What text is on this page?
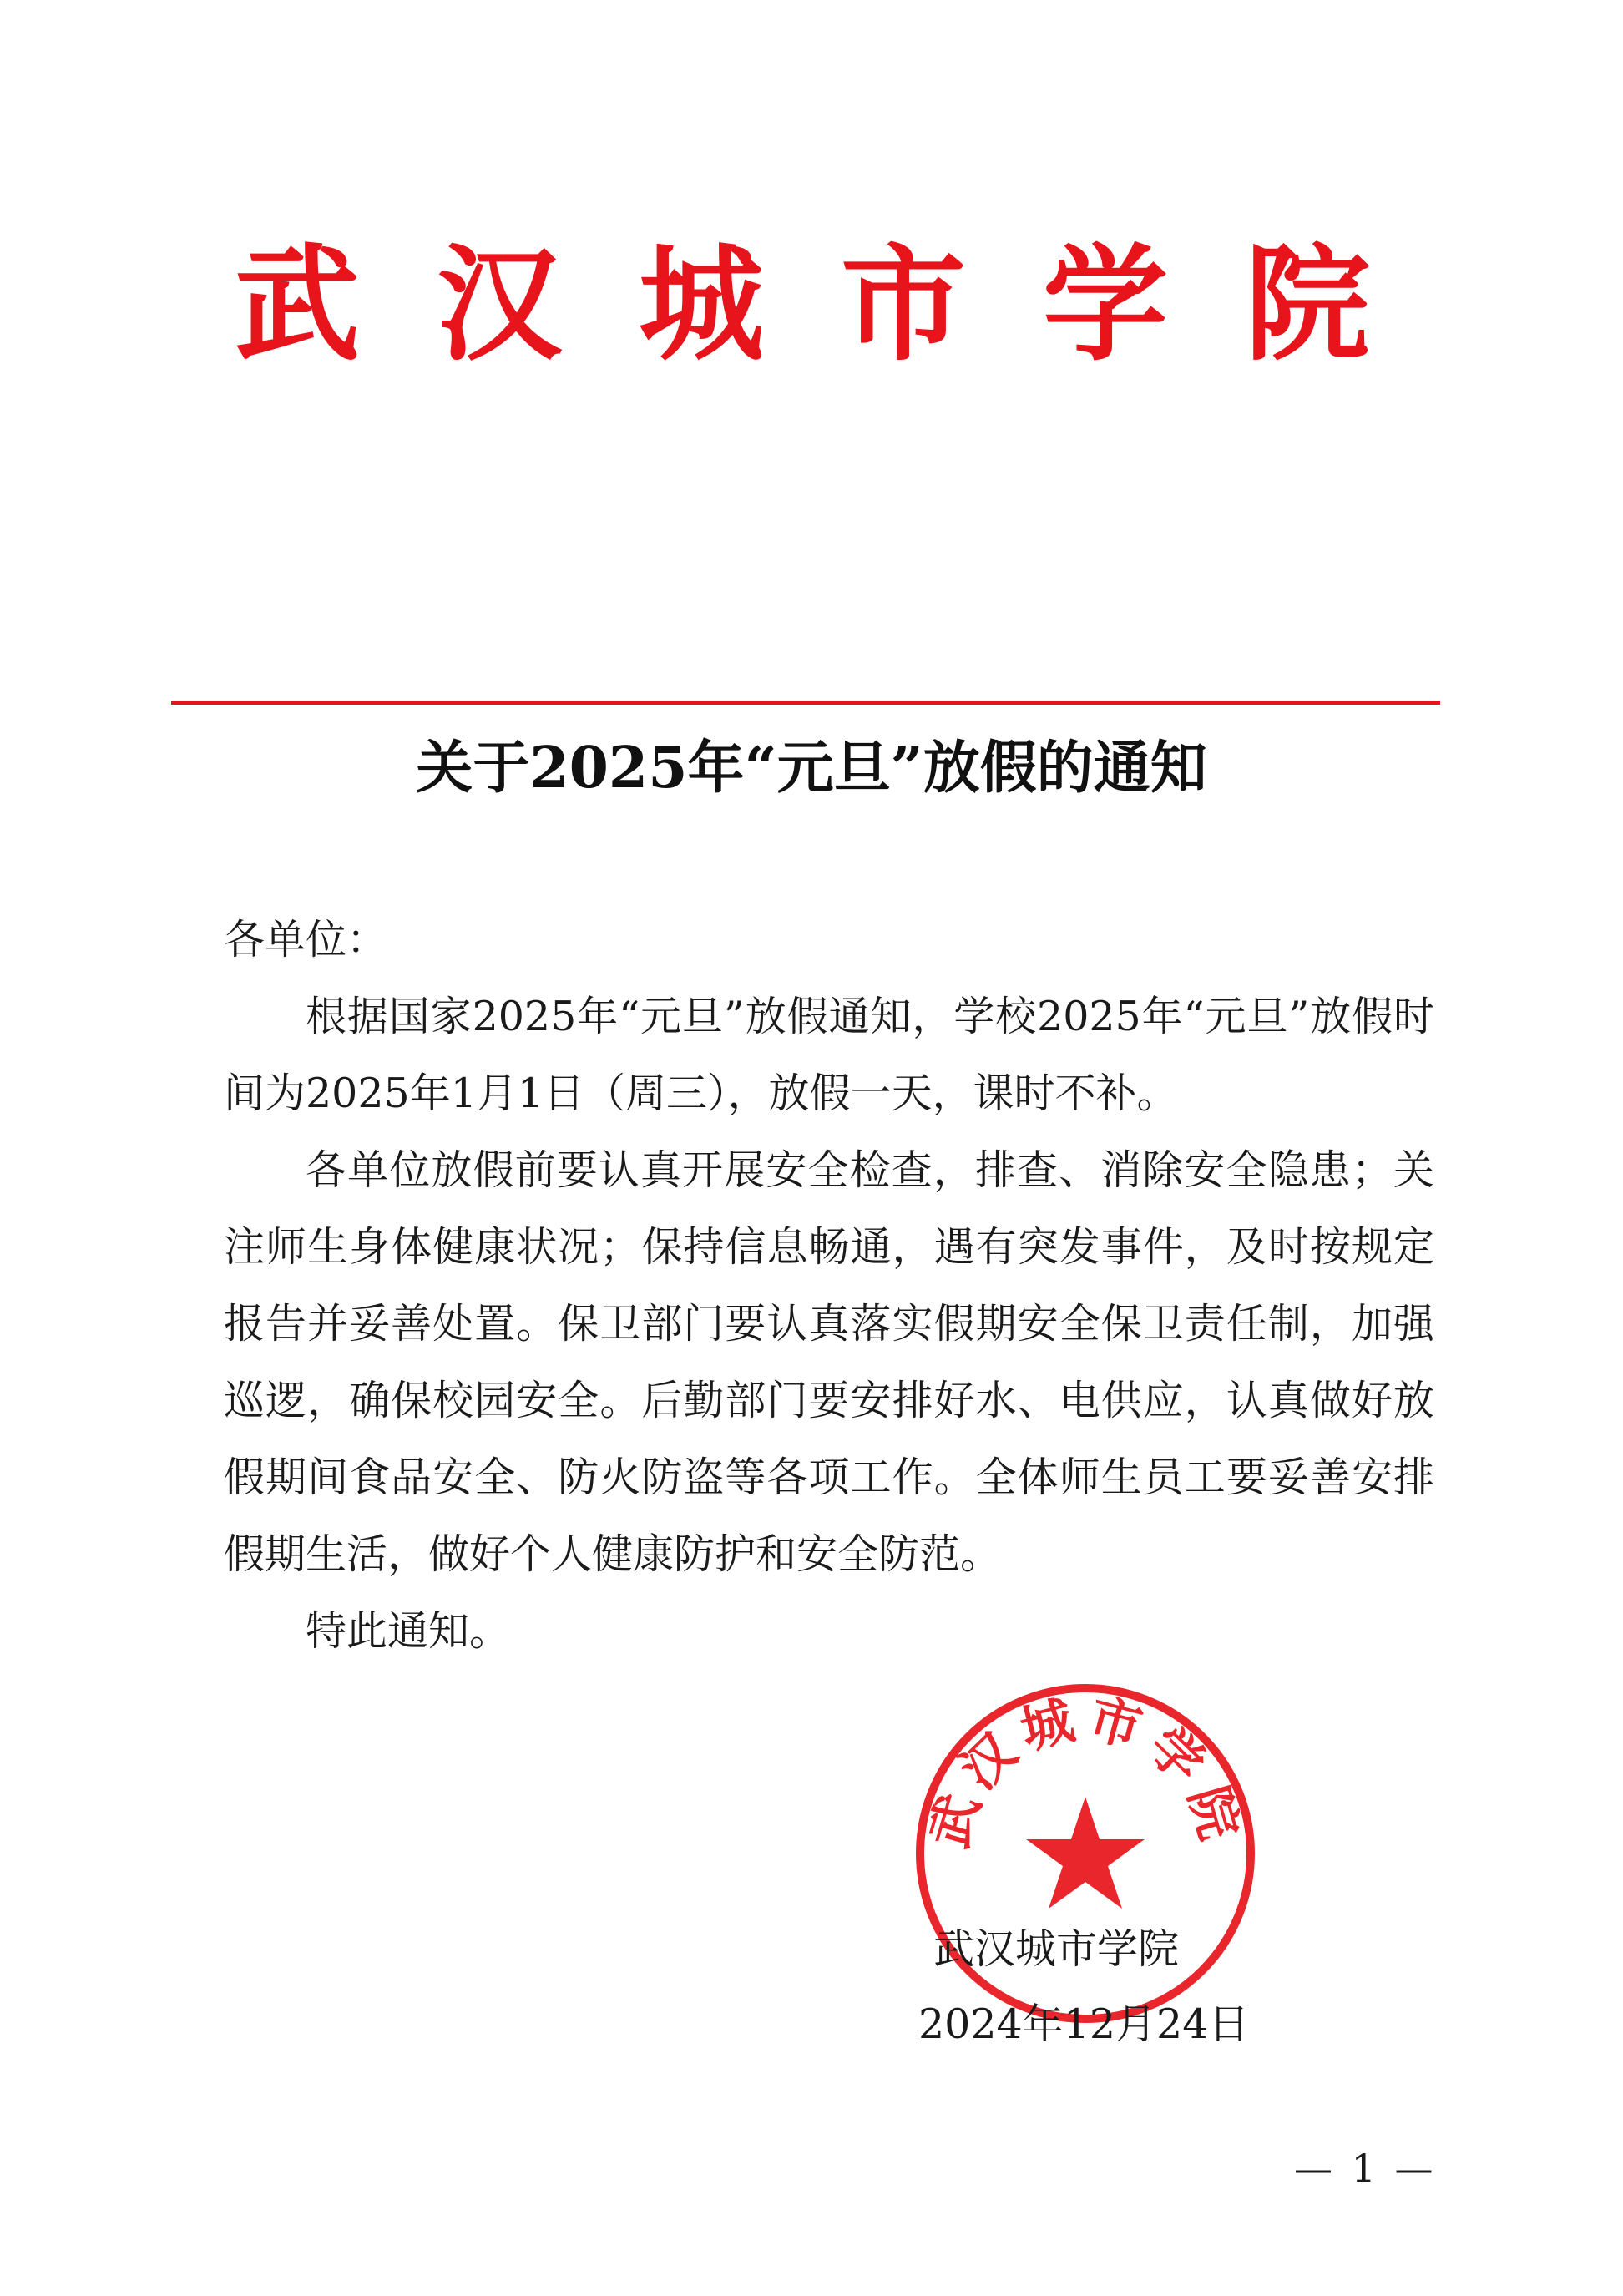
武汉城市学院
关于2025年“元旦”放假的通知

各单位：

根据国家2025年“元旦”放假通知，学校2025年“元旦”放假时间为2025年1月1日（周三），放假一天，课时不补。

各单位放假前要认真开展安全检查，排查、消除安全隐患；关注师生身体健康状况；保持信息畅通，遇有突发事件，及时按规定报告并妥善处置。保卫部门要认真落实假期安全保卫责任制，加强巡逻，确保校园安全。后勤部门要安排好水、电供应，认真做好放假期间食品安全、防火防盗等各项工作。全体师生员工要妥善安排假期生活，做好个人健康防护和安全防范。

特此通知。

武汉城市学院
武汉城市学院
2024年12月24日
— 1 —
